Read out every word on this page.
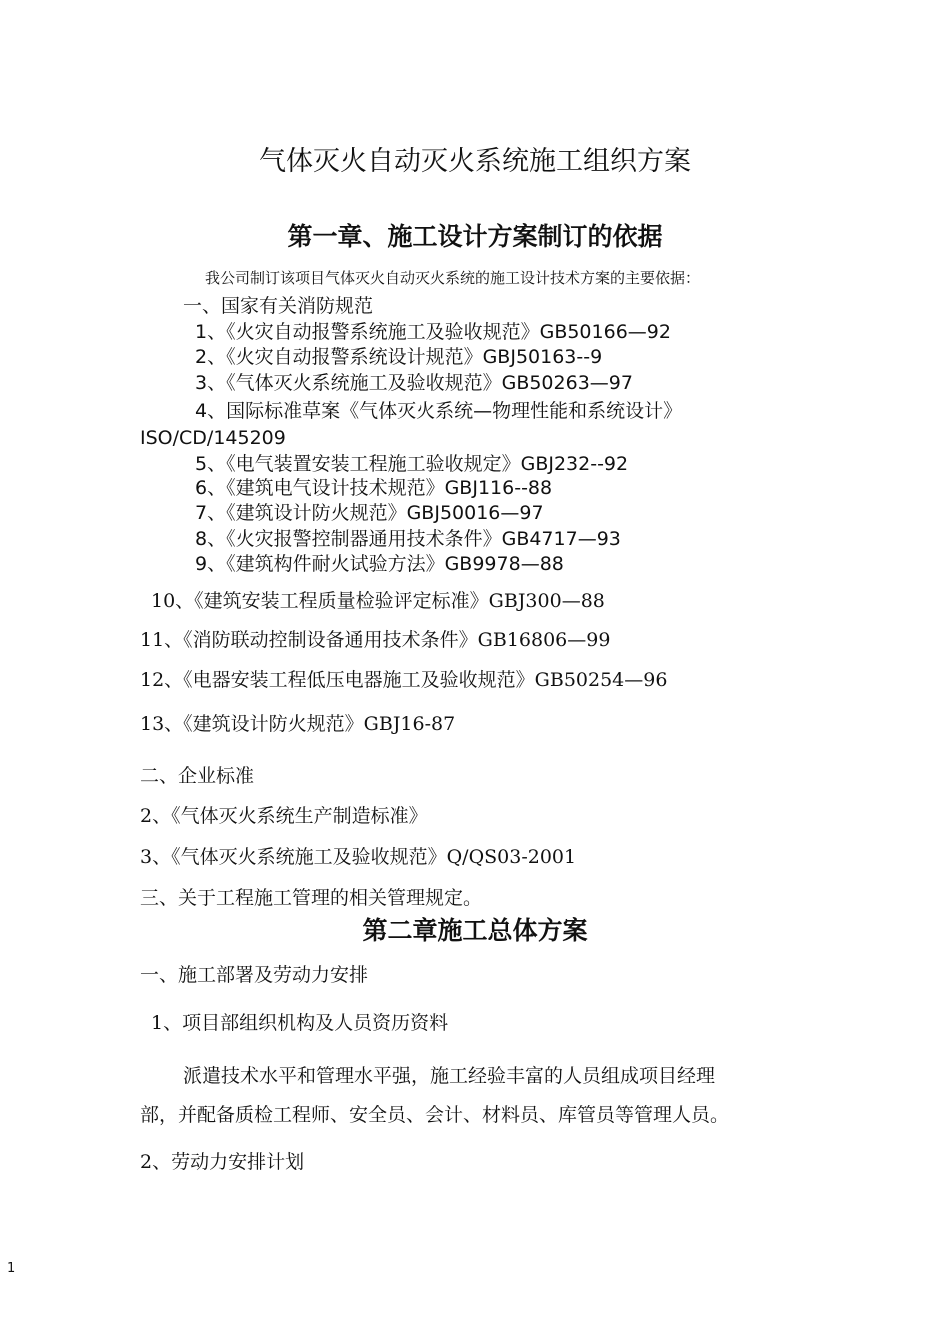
气体灭火自动灭火系统施工组织方案
第一章、施工设计方案制订的依据
我公司制订该项目气体灭火自动灭火系统的施工设计技术方案的主要依据：
一、国家有关消防规范
1、《火灾自动报警系统施工及验收规范》GB50166—92
2、《火灾自动报警系统设计规范》GBJ50163--9
3、《气体灭火系统施工及验收规范》GB50263—97
4、国际标准草案《气体灭火系统—物理性能和系统设计》
ISO/CD/145209
5、《电气装置安装工程施工验收规定》GBJ232--92
6、《建筑电气设计技术规范》GBJ116--88
7、《建筑设计防火规范》GBJ50016—97
8、《火灾报警控制器通用技术条件》GB4717—93
9、《建筑构件耐火试验方法》GB9978—88
10、《建筑安装工程质量检验评定标准》GBJ300—88
11、《消防联动控制设备通用技术条件》GB16806—99
12、《电器安装工程低压电器施工及验收规范》GB50254—96
13、《建筑设计防火规范》GBJ16-87
二、企业标准
2、《气体灭火系统生产制造标准》
3、《气体灭火系统施工及验收规范》Q/QS03-2001
三、关于工程施工管理的相关管理规定。
第二章施工总体方案
一、施工部署及劳动力安排
1、项目部组织机构及人员资历资料
派遣技术水平和管理水平强，施工经验丰富的人员组成项目经理
部，并配备质检工程师、安全员、会计、材料员、库管员等管理人员。
2、劳动力安排计划
1
